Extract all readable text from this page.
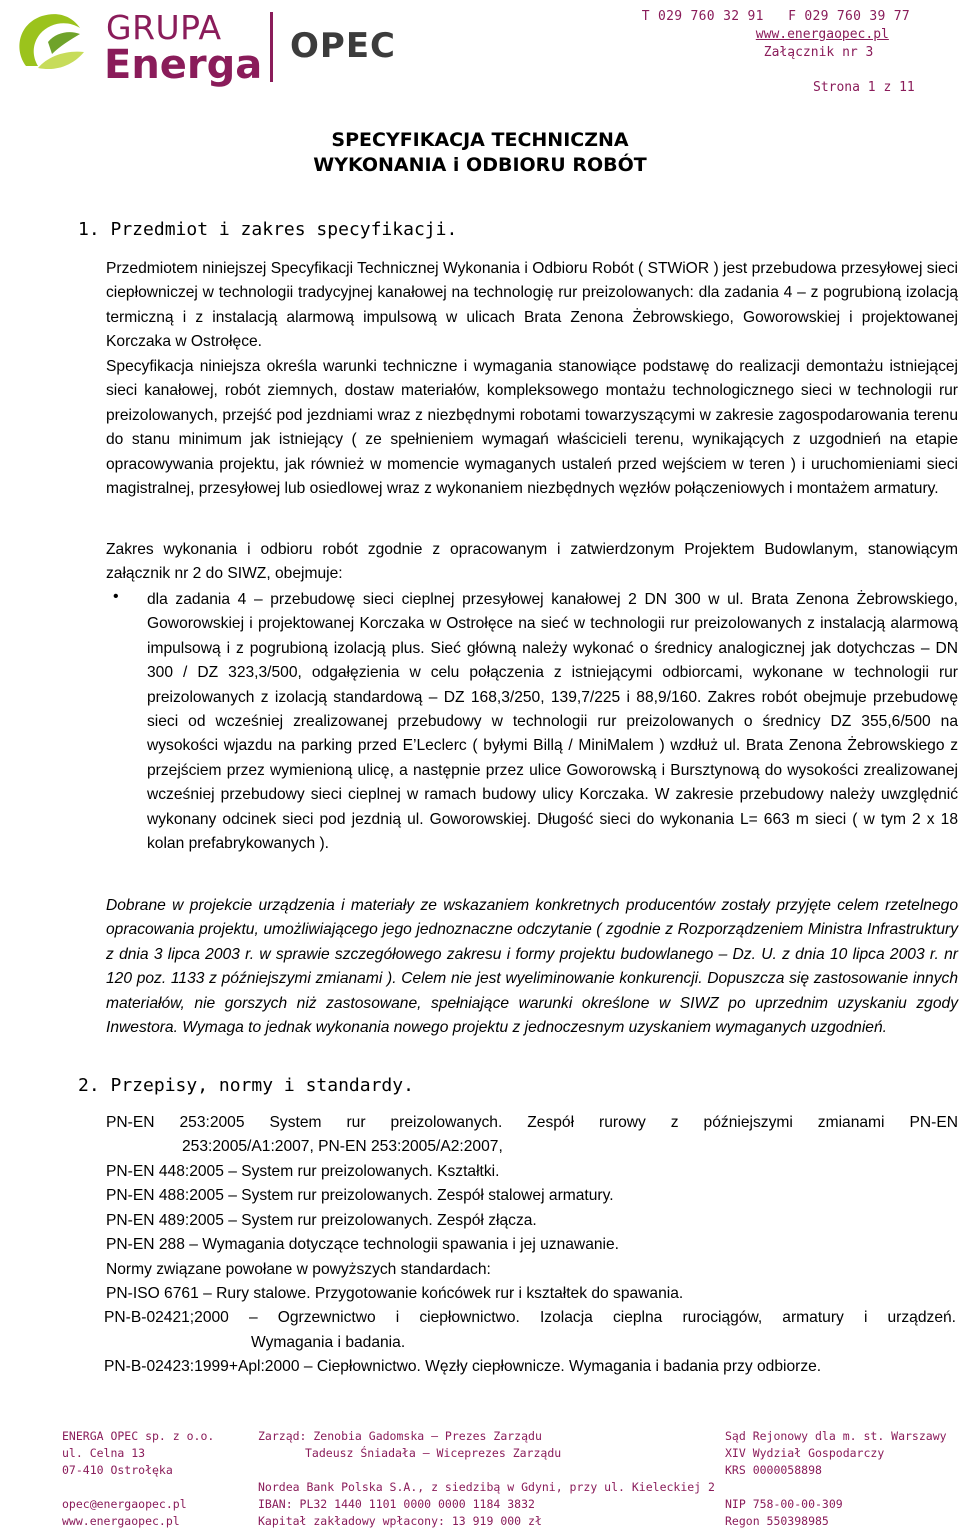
GRUPA
Energa OPEC
T 029 760 32 91 F 029 760 39 77
www.energaopec.pl
Załącznik nr 3
Strona 1 z 11
SPECYFIKACJA TECHNICZNA
WYKONANIA i ODBIORU ROBÓT
1. Przedmiot i zakres specyfikacji.
Przedmiotem niniejszej Specyfikacji Technicznej Wykonania i Odbioru Robót ( STWiOR ) jest przebudowa przesyłowej sieci ciepłowniczej w technologii tradycyjnej kanałowej na technologię rur preizolowanych: dla zadania 4 – z pogrubioną izolacją termiczną i z instalacją alarmową impulsową w ulicach Brata Zenona Żebrowskiego, Goworowskiej i projektowanej Korczaka w Ostrołęce.
Specyfikacja niniejsza określa warunki techniczne i wymagania stanowiące podstawę do realizacji demontażu istniejącej sieci kanałowej, robót ziemnych, dostaw materiałów, kompleksowego montażu technologicznego sieci w technologii rur preizolowanych, przejść pod jezdniami wraz z niezbędnymi robotami towarzyszącymi w zakresie zagospodarowania terenu do stanu minimum jak istniejący ( ze spełnieniem wymagań właścicieli terenu, wynikających z uzgodnień na etapie opracowywania projektu, jak również w momencie wymaganych ustaleń przed wejściem w teren ) i uruchomieniami sieci magistralnej, przesyłowej lub osiedlowej wraz z wykonaniem niezbędnych węzłów połączeniowych i montażem armatury.
Zakres wykonania i odbioru robót zgodnie z opracowanym i zatwierdzonym Projektem Budowlanym, stanowiącym załącznik nr 2 do SIWZ, obejmuje:
• dla zadania 4 – przebudowę sieci cieplnej przesyłowej kanałowej 2 DN 300 w ul. Brata Zenona Żebrowskiego, Goworowskiej i projektowanej Korczaka w Ostrołęce na sieć w technologii rur preizolowanych z instalacją alarmową impulsową i z pogrubioną izolacją plus. Sieć główną należy wykonać o średnicy analogicznej jak dotychczas – DN 300 / DZ 323,3/500, odgałęzienia w celu połączenia z istniejącymi odbiorcami, wykonane w technologii rur preizolowanych z izolacją standardową – DZ 168,3/250, 139,7/225 i 88,9/160. Zakres robót obejmuje przebudowę sieci od wcześniej zrealizowanej przebudowy w technologii rur preizolowanych o średnicy DZ 355,6/500 na wysokości wjazdu na parking przed E’Leclerc ( byłymi Billą / MiniMalem ) wzdłuż ul. Brata Zenona Żebrowskiego z przejściem przez wymienioną ulicę, a następnie przez ulice Goworowską i Bursztynową do wysokości zrealizowanej wcześniej przebudowy sieci cieplnej w ramach budowy ulicy Korczaka. W zakresie przebudowy należy uwzględnić wykonany odcinek sieci pod jezdnią ul. Goworowskiej. Długość sieci do wykonania L= 663 m sieci ( w tym 2 x 18 kolan prefabrykowanych ).
Dobrane w projekcie urządzenia i materiały ze wskazaniem konkretnych producentów zostały przyjęte celem rzetelnego opracowania projektu, umożliwiającego jego jednoznaczne odczytanie ( zgodnie z Rozporządzeniem Ministra Infrastruktury z dnia 3 lipca 2003 r. w sprawie szczegółowego zakresu i formy projektu budowlanego – Dz. U. z dnia 10 lipca 2003 r. nr 120 poz. 1133 z późniejszymi zmianami ). Celem nie jest wyeliminowanie konkurencji. Dopuszcza się zastosowanie innych materiałów, nie gorszych niż zastosowane, spełniające warunki określone w SIWZ po uprzednim uzyskaniu zgody Inwestora. Wymaga to jednak wykonania nowego projektu z jednoczesnym uzyskaniem wymaganych uzgodnień.
2. Przepisy, normy i standardy.
PN-EN 253:2005 System rur preizolowanych. Zespół rurowy z późniejszymi zmianami PN-EN
253:2005/A1:2007, PN-EN 253:2005/A2:2007,
PN-EN 448:2005 – System rur preizolowanych. Kształtki.
PN-EN 488:2005 – System rur preizolowanych. Zespół stalowej armatury.
PN-EN 489:2005 – System rur preizolowanych. Zespół złącza.
PN-EN 288 – Wymagania dotyczące technologii spawania i jej uznawanie.
Normy związane powołane w powyższych standardach:
PN-ISO 6761 – Rury stalowe. Przygotowanie końcówek rur i kształtek do spawania.
PN-B-02421;2000 – Ogrzewnictwo i ciepłownictwo. Izolacja cieplna rurociągów, armatury i urządzeń.
Wymagania i badania.
PN-B-02423:1999+Apl:2000 – Ciepłownictwo. Węzły ciepłownicze. Wymagania i badania przy odbiorze.
ENERGA OPEC sp. z o.o.
ul. Celna 13
07-410 Ostrołęka
opec@energaopec.pl
www.energaopec.pl
Zarząd: Zenobia Gadomska – Prezes Zarządu
Tadeusz Śniadała – Wiceprezes Zarządu
Nordea Bank Polska S.A., z siedzibą w Gdyni, przy ul. Kieleckiej 2
IBAN: PL32 1440 1101 0000 0000 1184 3832
Kapitał zakładowy wpłacony: 13 919 000 zł
Sąd Rejonowy dla m. st. Warszawy
XIV Wydział Gospodarczy
KRS 0000058898
NIP 758-00-00-309
Regon 550398985
